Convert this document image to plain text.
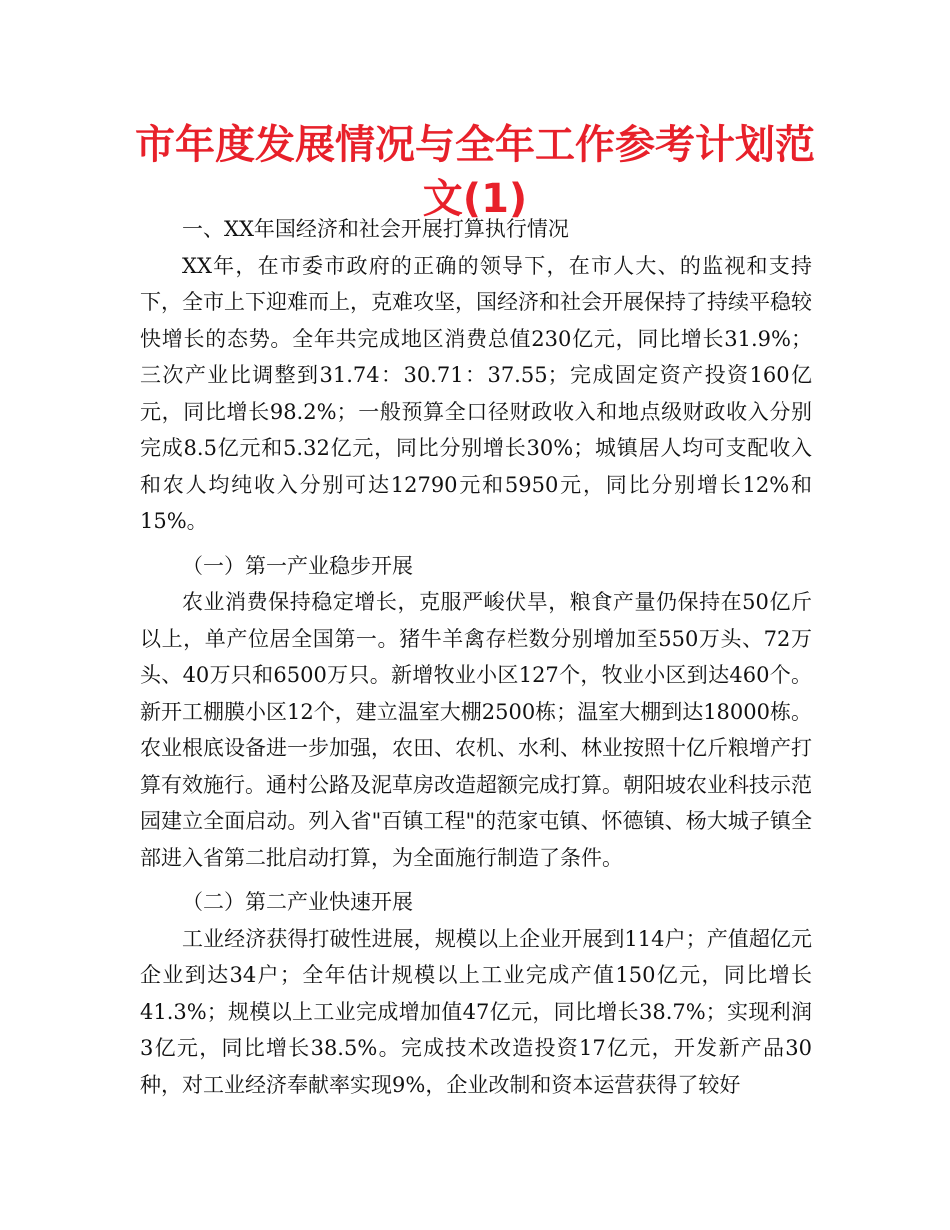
市年度发展情况与全年工作参考计划范文(1)

一、XX年国经济和社会开展打算执行情况

XX年，在市委市政府的正确的领导下，在市人大、的监视和支持下，全市上下迎难而上，克难攻坚，国经济和社会开展保持了持续平稳较快增长的态势。全年共完成地区消费总值230亿元，同比增长31.9%；三次产业比调整到31.74：30.71：37.55；完成固定资产投资160亿元，同比增长98.2%；一般预算全口径财政收入和地点级财政收入分别完成8.5亿元和5.32亿元，同比分别增长30%；城镇居人均可支配收入和农人均纯收入分别可达12790元和5950元，同比分别增长12%和15%。

（一）第一产业稳步开展

农业消费保持稳定增长，克服严峻伏旱，粮食产量仍保持在50亿斤以上，单产位居全国第一。猪牛羊禽存栏数分别增加至550万头、72万头、40万只和6500万只。新增牧业小区127个，牧业小区到达460个。新开工棚膜小区12个，建立温室大棚2500栋；温室大棚到达18000栋。农业根底设备进一步加强，农田、农机、水利、林业按照十亿斤粮增产打算有效施行。通村公路及泥草房改造超额完成打算。朝阳坡农业科技示范园建立全面启动。列入省"百镇工程"的范家屯镇、怀德镇、杨大城子镇全部进入省第二批启动打算，为全面施行制造了条件。

（二）第二产业快速开展

工业经济获得打破性进展，规模以上企业开展到114户；产值超亿元企业到达34户；全年估计规模以上工业完成产值150亿元，同比增长41.3%；规模以上工业完成增加值47亿元，同比增长38.7%；实现利润3亿元，同比增长38.5%。完成技术改造投资17亿元，开发新产品30种，对工业经济奉献率实现9%，企业改制和资本运营获得了较好
